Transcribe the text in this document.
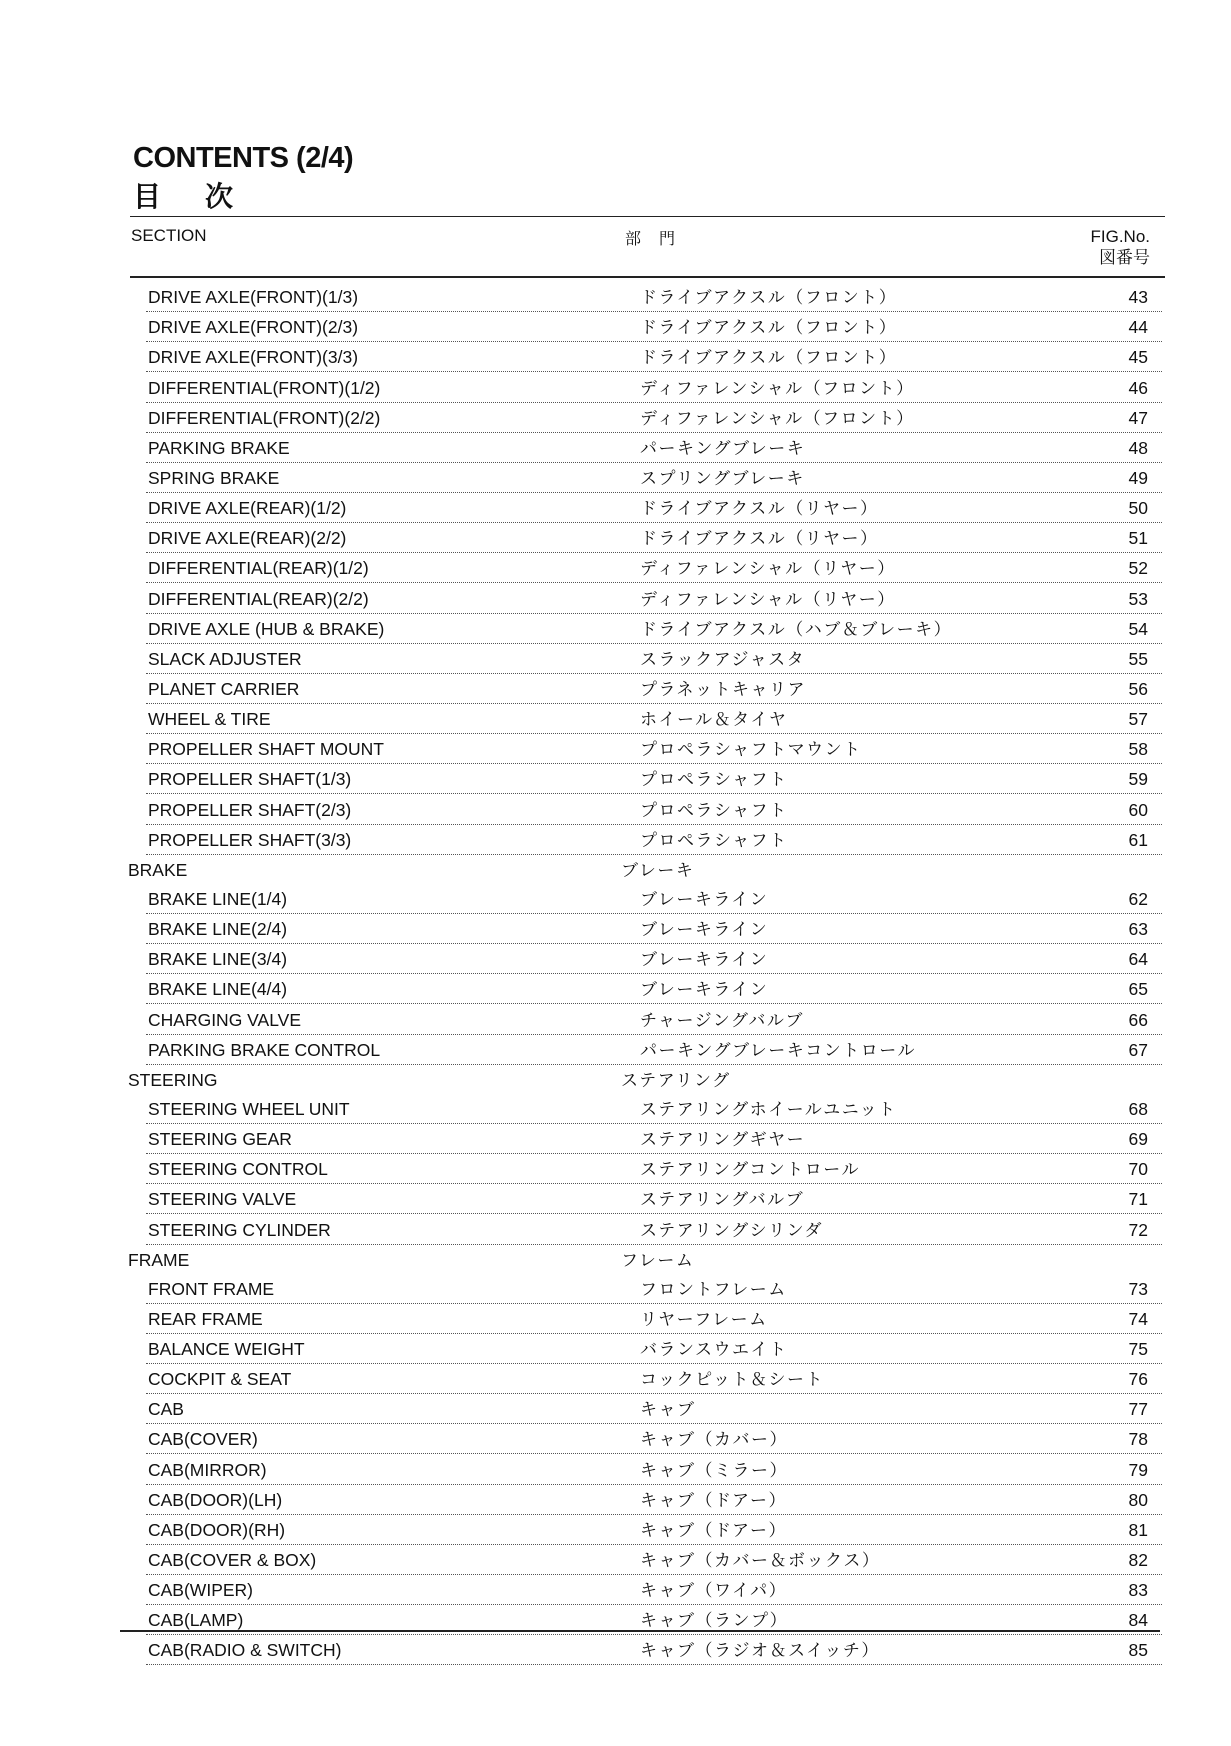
CONTENTS (2/4)
目次
SECTION	部門	FIG.No.
図番号
DRIVE AXLE(FRONT)(1/3)	ドライブアクスル（フロント）	43
DRIVE AXLE(FRONT)(2/3)	ドライブアクスル（フロント）	44
DRIVE AXLE(FRONT)(3/3)	ドライブアクスル（フロント）	45
DIFFERENTIAL(FRONT)(1/2)	ディファレンシャル（フロント）	46
DIFFERENTIAL(FRONT)(2/2)	ディファレンシャル（フロント）	47
PARKING BRAKE	パーキングブレーキ	48
SPRING BRAKE	スプリングブレーキ	49
DRIVE AXLE(REAR)(1/2)	ドライブアクスル（リヤー）	50
DRIVE AXLE(REAR)(2/2)	ドライブアクスル（リヤー）	51
DIFFERENTIAL(REAR)(1/2)	ディファレンシャル（リヤー）	52
DIFFERENTIAL(REAR)(2/2)	ディファレンシャル（リヤー）	53
DRIVE AXLE (HUB & BRAKE)	ドライブアクスル（ハブ＆ブレーキ）	54
SLACK ADJUSTER	スラックアジャスタ	55
PLANET CARRIER	プラネットキャリア	56
WHEEL & TIRE	ホイール＆タイヤ	57
PROPELLER SHAFT MOUNT	プロペラシャフトマウント	58
PROPELLER SHAFT(1/3)	プロペラシャフト	59
PROPELLER SHAFT(2/3)	プロペラシャフト	60
PROPELLER SHAFT(3/3)	プロペラシャフト	61
BRAKE	ブレーキ
BRAKE LINE(1/4)	ブレーキライン	62
BRAKE LINE(2/4)	ブレーキライン	63
BRAKE LINE(3/4)	ブレーキライン	64
BRAKE LINE(4/4)	ブレーキライン	65
CHARGING VALVE	チャージングバルブ	66
PARKING BRAKE CONTROL	パーキングブレーキコントロール	67
STEERING	ステアリング
STEERING WHEEL UNIT	ステアリングホイールユニット	68
STEERING GEAR	ステアリングギヤー	69
STEERING CONTROL	ステアリングコントロール	70
STEERING VALVE	ステアリングバルブ	71
STEERING CYLINDER	ステアリングシリンダ	72
FRAME	フレーム
FRONT FRAME	フロントフレーム	73
REAR FRAME	リヤーフレーム	74
BALANCE WEIGHT	バランスウエイト	75
COCKPIT & SEAT	コックピット＆シート	76
CAB	キャブ	77
CAB(COVER)	キャブ（カバー）	78
CAB(MIRROR)	キャブ（ミラー）	79
CAB(DOOR)(LH)	キャブ（ドアー）	80
CAB(DOOR)(RH)	キャブ（ドアー）	81
CAB(COVER & BOX)	キャブ（カバー＆ボックス）	82
CAB(WIPER)	キャブ（ワイパ）	83
CAB(LAMP)	キャブ（ランプ）	84
CAB(RADIO & SWITCH)	キャブ（ラジオ＆スイッチ）	85
